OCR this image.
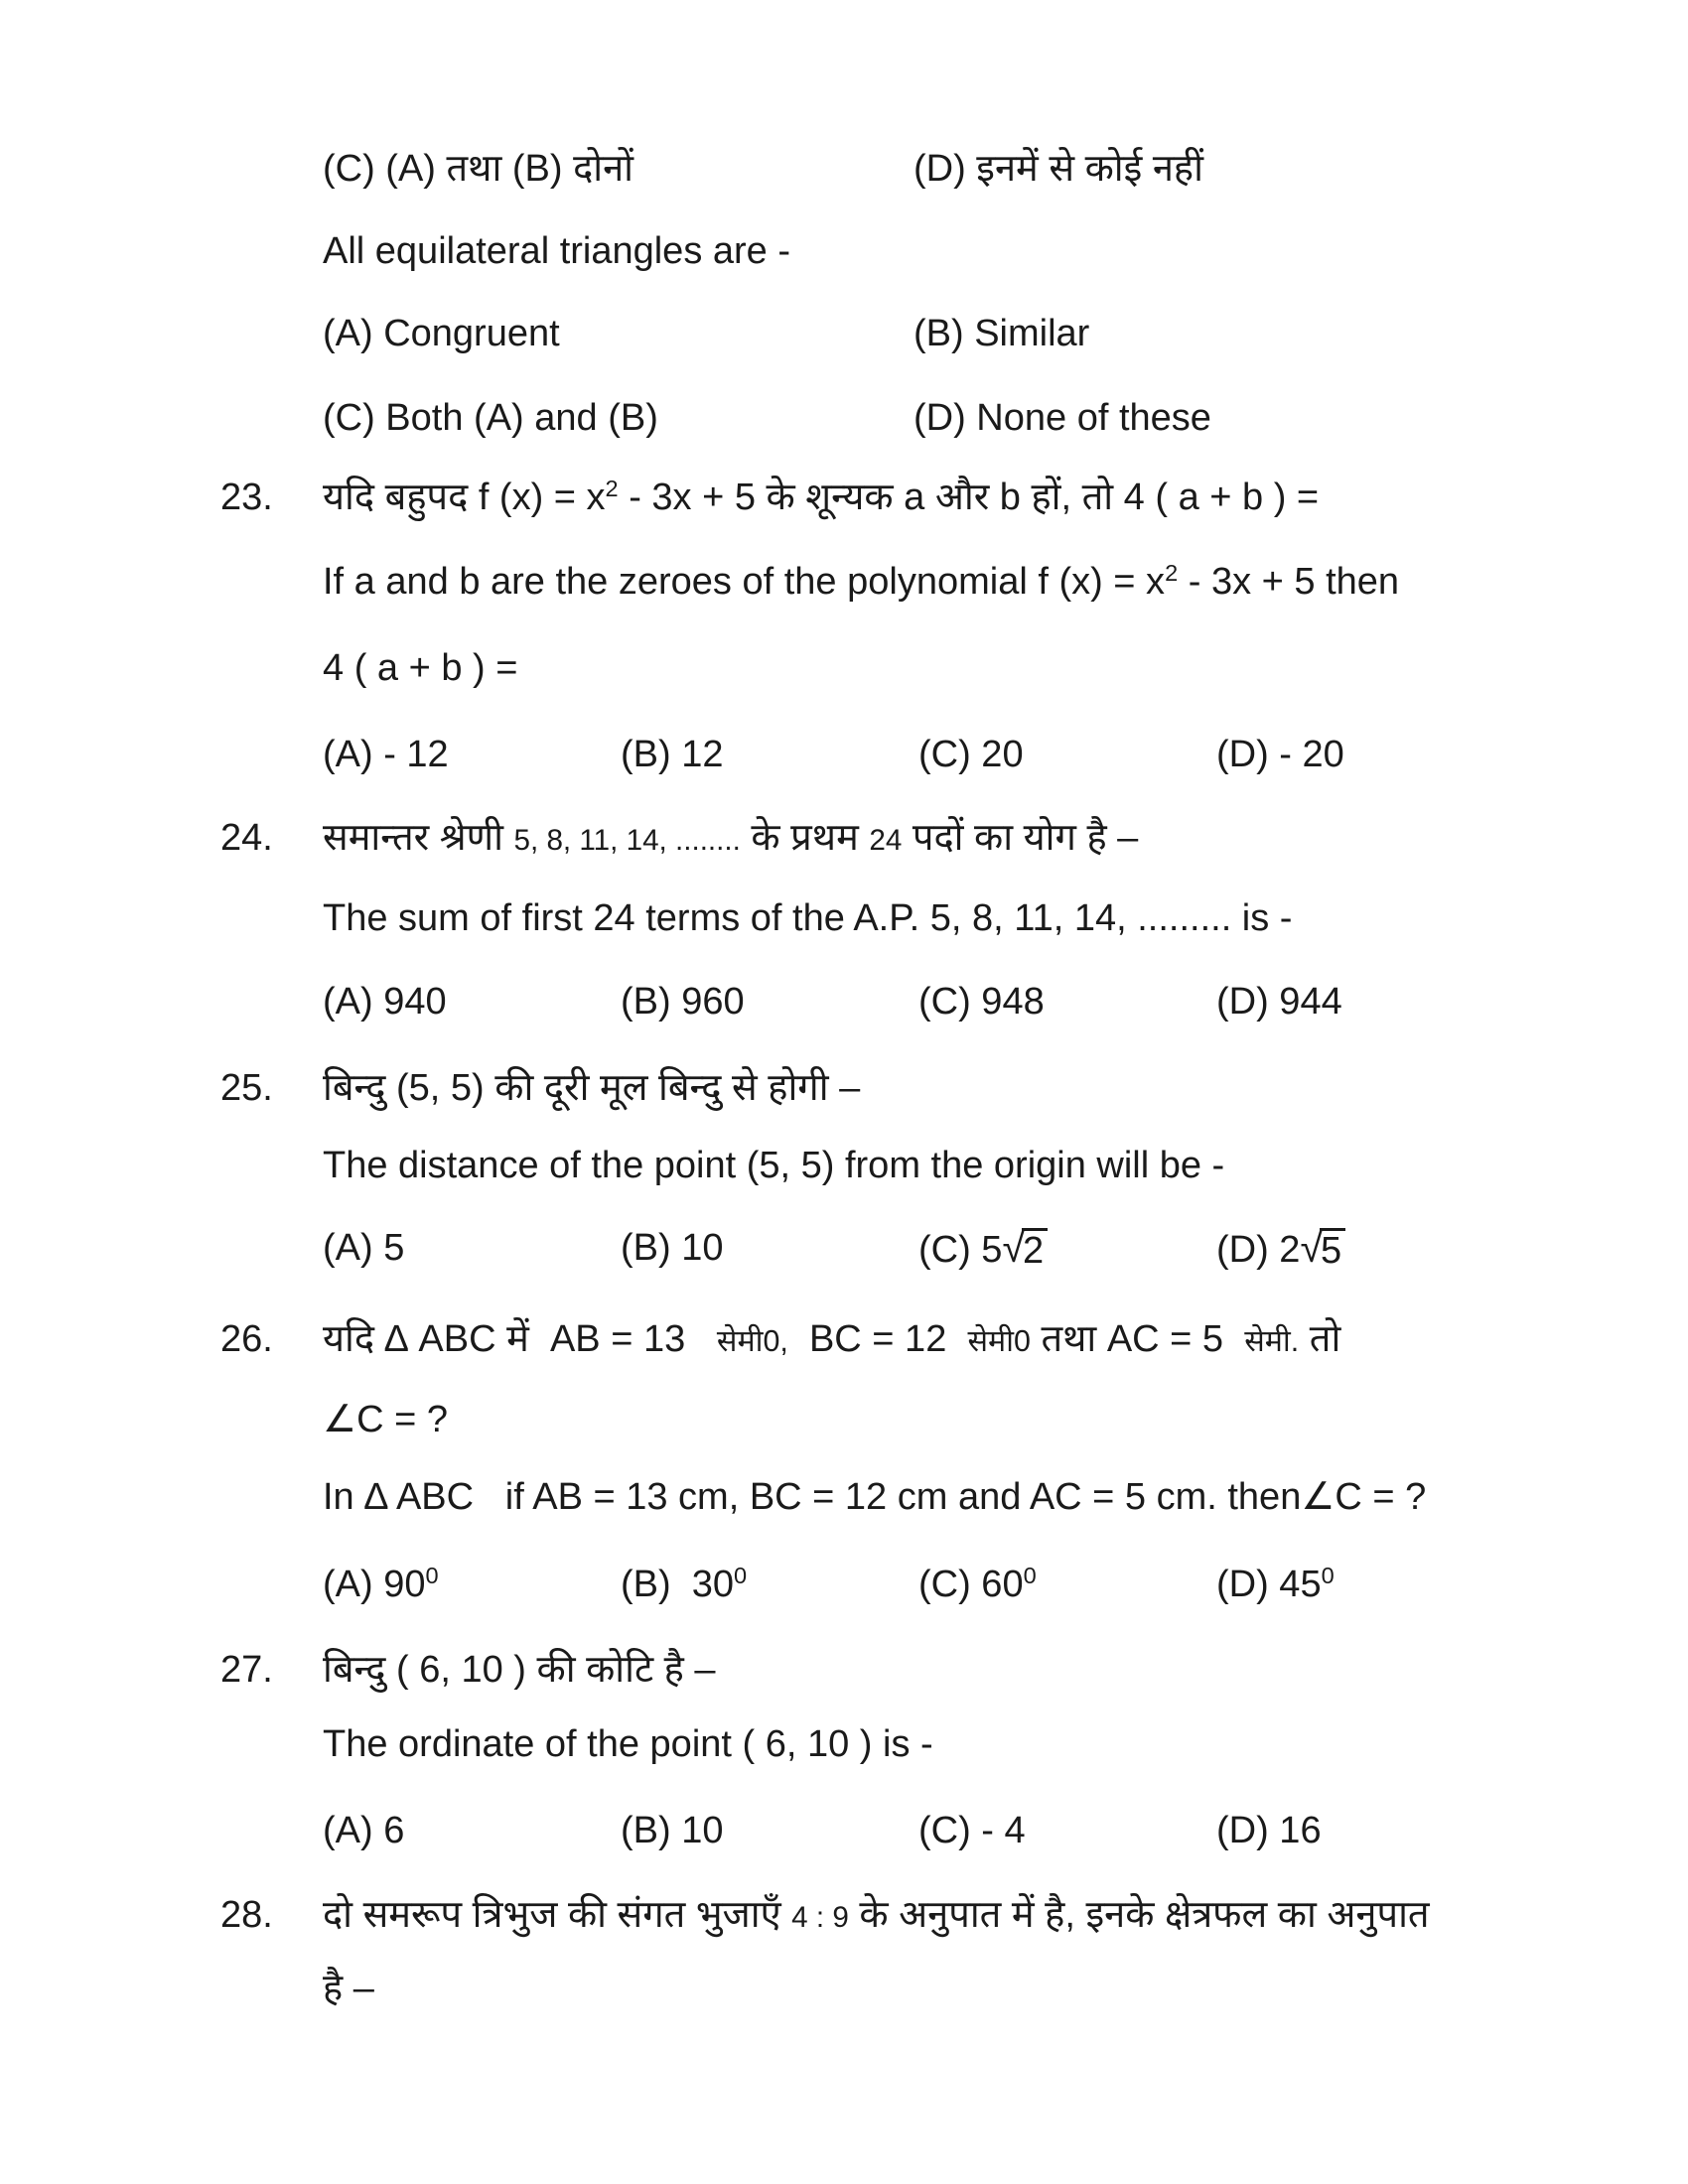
(C) (A) तथा (B) दोनों	(D) इनमें से कोई नहीं
All equilateral triangles are -
(A) Congruent	(B) Similar
(C) Both (A) and (B)	(D) None of these
23. यदि बहुपद f $(x) = x^2 - 3x + 5$ के शून्यक a और b हों, तो 4 ( a + b ) =
If a and b are the zeroes of the polynomial f $(x) = x^2 - 3x + 5$ then
4 ( a + b ) =
(A) - 12	(B) 12	(C) 20	(D) - 20
24. समान्तर श्रेणी 5, 8, 11, 14, ........ के प्रथम 24 पदों का योग है –
The sum of first 24 terms of the A.P. 5, 8, 11, 14, ......... is -
(A) 940	(B) 960	(C) 948	(D) 944
25. बिन्दु (5, 5) की दूरी मूल बिन्दु से होगी –
The distance of the point (5, 5) from the origin will be -
(A) 5	(B) 10	(C) 5√2	(D) 2√5
26. यदि ∆ ABC में  AB = 13   सेमी0,  BC = 12  सेमी0 तथा AC = 5  सेमी. तो
∠C = ?
In ∆ ABC   if AB = 13 cm, BC = 12 cm and AC = 5 cm. then∠C = ?
(A) $90^0$	(B)  $30^0$	(C) $60^0$	(D) $45^0$
27. बिन्दु ( 6, 10 ) की कोटि है –
The ordinate of the point ( 6, 10 ) is -
(A) 6	(B) 10	(C) - 4	(D) 16
28. दो समरूप त्रिभुज की संगत भुजाएँ 4 : 9 के अनुपात में है, इनके क्षेत्रफल का अनुपात
है –
